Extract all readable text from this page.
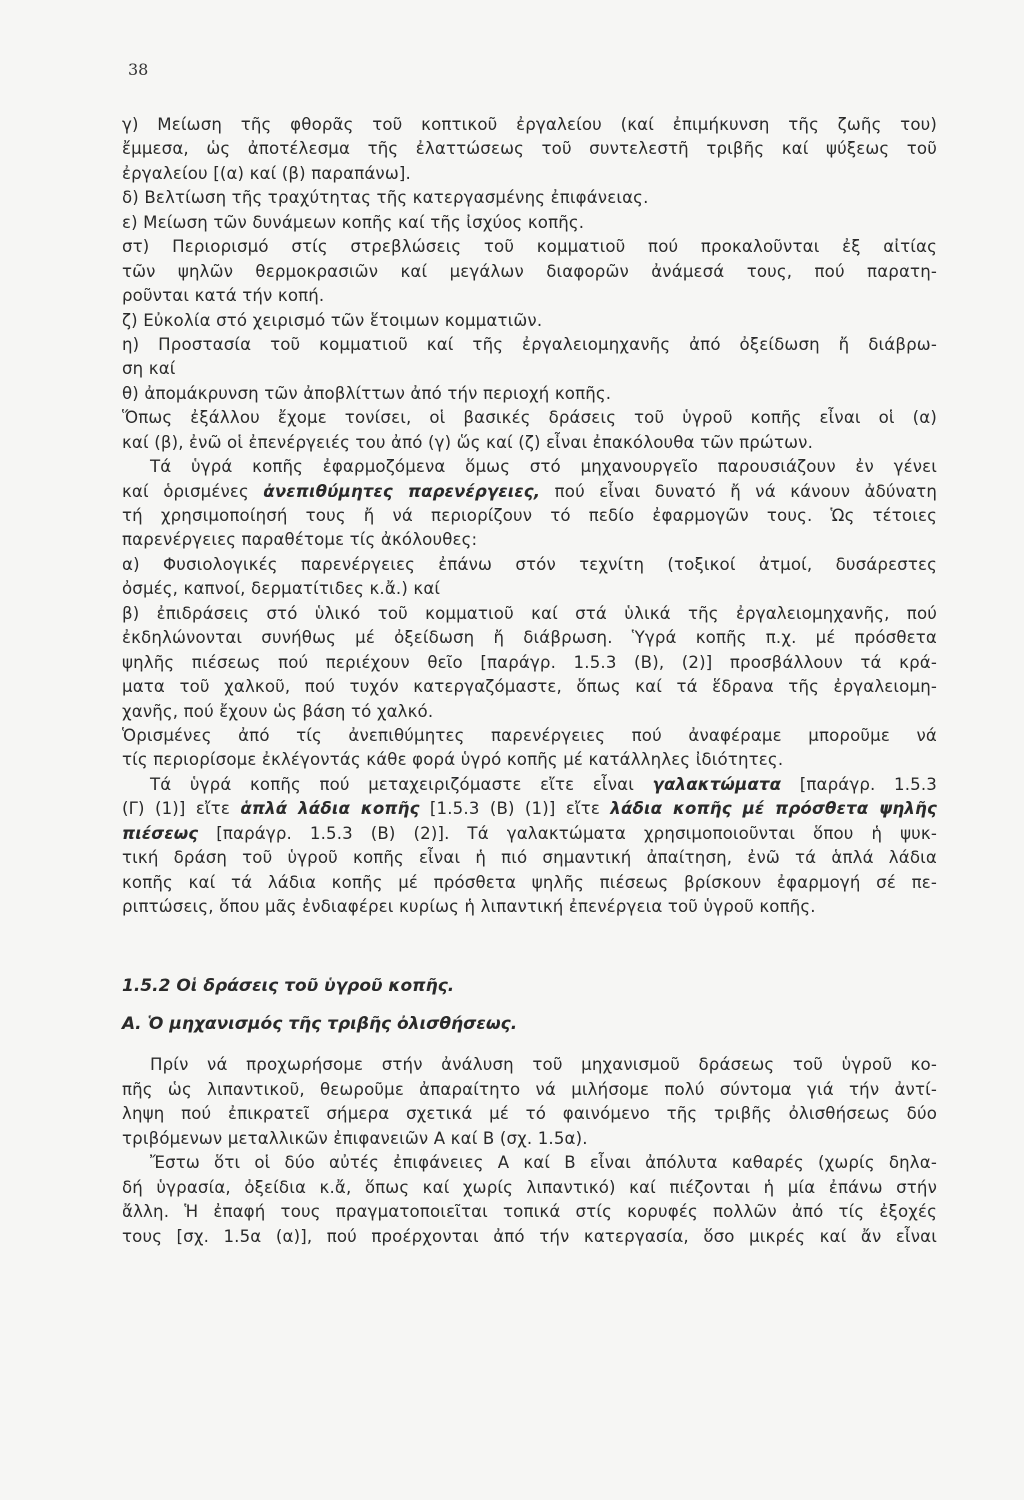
38
γ) Μείωση τῆς φθορᾶς τοῦ κοπτικοῦ ἐργαλείου (καί ἐπιμήκυνση τῆς ζωῆς του)
ἔμμεσα, ὡς ἀποτέλεσμα τῆς ἐλαττώσεως τοῦ συντελεστῆ τριβῆς καί ψύξεως τοῦ
ἐργαλείου [(α) καί (β) παραπάνω].
δ) Βελτίωση τῆς τραχύτητας τῆς κατεργασμένης ἐπιφάνειας.
ε) Μείωση τῶν δυνάμεων κοπῆς καί τῆς ἰσχύος κοπῆς.
στ) Περιορισμό στίς στρεβλώσεις τοῦ κομματιοῦ πού προκαλοῦνται ἐξ αἰτίας
τῶν ψηλῶν θερμοκρασιῶν καί μεγάλων διαφορῶν ἀνάμεσά τους, πού παρατη-
ροῦνται κατά τήν κοπή.
ζ) Εὐκολία στό χειρισμό τῶν ἕτοιμων κομματιῶν.
η) Προστασία τοῦ κομματιοῦ καί τῆς ἐργαλειομηχανῆς ἀπό ὀξείδωση ἤ διάβρω-
ση καί
θ) ἀπομάκρυνση τῶν ἀποβλίττων ἀπό τήν περιοχή κοπῆς.
Ὅπως ἐξάλλου ἔχομε τονίσει, οἱ βασικές δράσεις τοῦ ὑγροῦ κοπῆς εἶναι οἱ (α)
καί (β), ἐνῶ οἱ ἐπενέργειές του ἀπό (γ) ὥς καί (ζ) εἶναι ἐπακόλουθα τῶν πρώτων.
Τά ὑγρά κοπῆς ἐφαρμοζόμενα ὅμως στό μηχανουργεῖο παρουσιάζουν ἐν γένει
καί ὁρισμένες ἀνεπιθύμητες παρενέργειες, πού εἶναι δυνατό ἤ νά κάνουν ἀδύνατη
τή χρησιμοποίησή τους ἤ νά περιορίζουν τό πεδίο ἐφαρμογῶν τους. Ὡς τέτοιες
παρενέργειες παραθέτομε τίς ἀκόλουθες:
α) Φυσιολογικές παρενέργειες ἐπάνω στόν τεχνίτη (τοξικοί ἀτμοί, δυσάρεστες
ὀσμές, καπνοί, δερματίτιδες κ.ἄ.) καί
β) ἐπιδράσεις στό ὑλικό τοῦ κομματιοῦ καί στά ὑλικά τῆς ἐργαλειομηχανῆς, πού
ἐκδηλώνονται συνήθως μέ ὀξείδωση ἤ διάβρωση. Ὑγρά κοπῆς π.χ. μέ πρόσθετα
ψηλῆς πιέσεως πού περιέχουν θεῖο [παράγρ. 1.5.3 (Β), (2)] προσβάλλουν τά κρά-
ματα τοῦ χαλκοῦ, πού τυχόν κατεργαζόμαστε, ὅπως καί τά ἕδρανα τῆς ἐργαλειομη-
χανῆς, πού ἔχουν ὡς βάση τό χαλκό.
Ὁρισμένες ἀπό τίς ἀνεπιθύμητες παρενέργειες πού ἀναφέραμε μποροῦμε νά
τίς περιορίσομε ἐκλέγοντάς κάθε φορά ὑγρό κοπῆς μέ κατάλληλες ἰδιότητες.
Τά ὑγρά κοπῆς πού μεταχειριζόμαστε εἴτε εἶναι γαλακτώματα [παράγρ. 1.5.3
(Γ) (1)] εἴτε ἁπλά λάδια κοπῆς [1.5.3 (Β) (1)] εἴτε λάδια κοπῆς μέ πρόσθετα ψηλῆς
πιέσεως [παράγρ. 1.5.3 (Β) (2)]. Τά γαλακτώματα χρησιμοποιοῦνται ὅπου ἡ ψυκ-
τική δράση τοῦ ὑγροῦ κοπῆς εἶναι ἡ πιό σημαντική ἀπαίτηση, ἐνῶ τά ἁπλά λάδια
κοπῆς καί τά λάδια κοπῆς μέ πρόσθετα ψηλῆς πιέσεως βρίσκουν ἐφαρμογή σέ πε-
ριπτώσεις, ὅπου μᾶς ἐνδιαφέρει κυρίως ἡ λιπαντική ἐπενέργεια τοῦ ὑγροῦ κοπῆς.
1.5.2 Οἱ δράσεις τοῦ ὑγροῦ κοπῆς.
Α. Ὁ μηχανισμός τῆς τριβῆς ὀλισθήσεως.
Πρίν νά προχωρήσομε στήν ἀνάλυση τοῦ μηχανισμοῦ δράσεως τοῦ ὑγροῦ κο-
πῆς ὡς λιπαντικοῦ, θεωροῦμε ἀπαραίτητο νά μιλήσομε πολύ σύντομα γιά τήν ἀντί-
ληψη πού ἐπικρατεῖ σήμερα σχετικά μέ τό φαινόμενο τῆς τριβῆς ὀλισθήσεως δύο
τριβόμενων μεταλλικῶν ἐπιφανειῶν Α καί Β (σχ. 1.5α).
Ἔστω ὅτι οἱ δύο αὐτές ἐπιφάνειες Α καί Β εἶναι ἀπόλυτα καθαρές (χωρίς δηλα-
δή ὑγρασία, ὀξείδια κ.ἄ, ὅπως καί χωρίς λιπαντικό) καί πιέζονται ἡ μία ἐπάνω στήν
ἄλλη. Ἡ ἐπαφή τους πραγματοποιεῖται τοπικά στίς κορυφές πολλῶν ἀπό τίς ἐξοχές
τους [σχ. 1.5α (α)], πού προέρχονται ἀπό τήν κατεργασία, ὅσο μικρές καί ἄν εἶναι
